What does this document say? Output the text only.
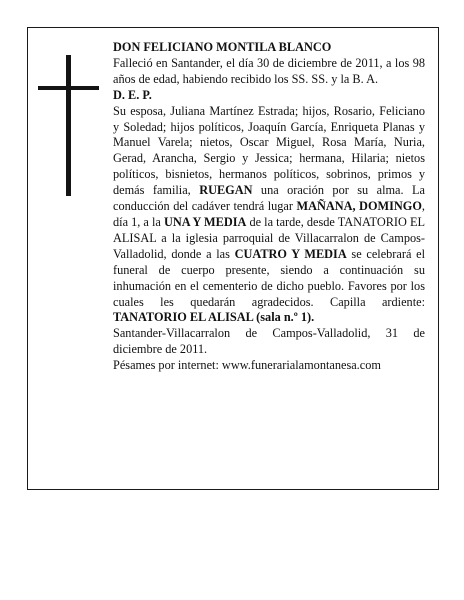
DON FELICIANO MONTILA BLANCO

Falleció en Santander, el día 30 de diciembre de 2011, a los 98 años de edad, habiendo recibido los SS. SS. y la B. A.

D. E. P.

Su esposa, Juliana Martínez Estrada; hijos, Rosario, Feliciano y Soledad; hijos políticos, Joaquín García, Enriqueta Planas y Manuel Varela; nietos, Oscar Miguel, Rosa María, Nuria, Gerad, Arancha, Sergio y Jessica; hermana, Hilaria; nietos políticos, bisnietos, hermanos políticos, sobrinos, primos y demás familia, RUEGAN una oración por su alma. La conducción del cadáver tendrá lugar MAÑANA, DOMINGO, día 1, a la UNA Y MEDIA de la tarde, desde TANATORIO EL ALISAL a la iglesia parroquial de Villacarralon de Campos-Valladolid, donde a las CUATRO Y MEDIA se celebrará el funeral de cuerpo presente, siendo a continuación su inhumación en el cementerio de dicho pueblo. Favores por los cuales les quedarán agradecidos. Capilla ardiente: TANATORIO EL ALISAL (sala n.º 1).

Santander-Villacarralon de Campos-Valladolid, 31 de diciembre de 2011.

Pésames por internet: www.funerarialamontanesa.com
